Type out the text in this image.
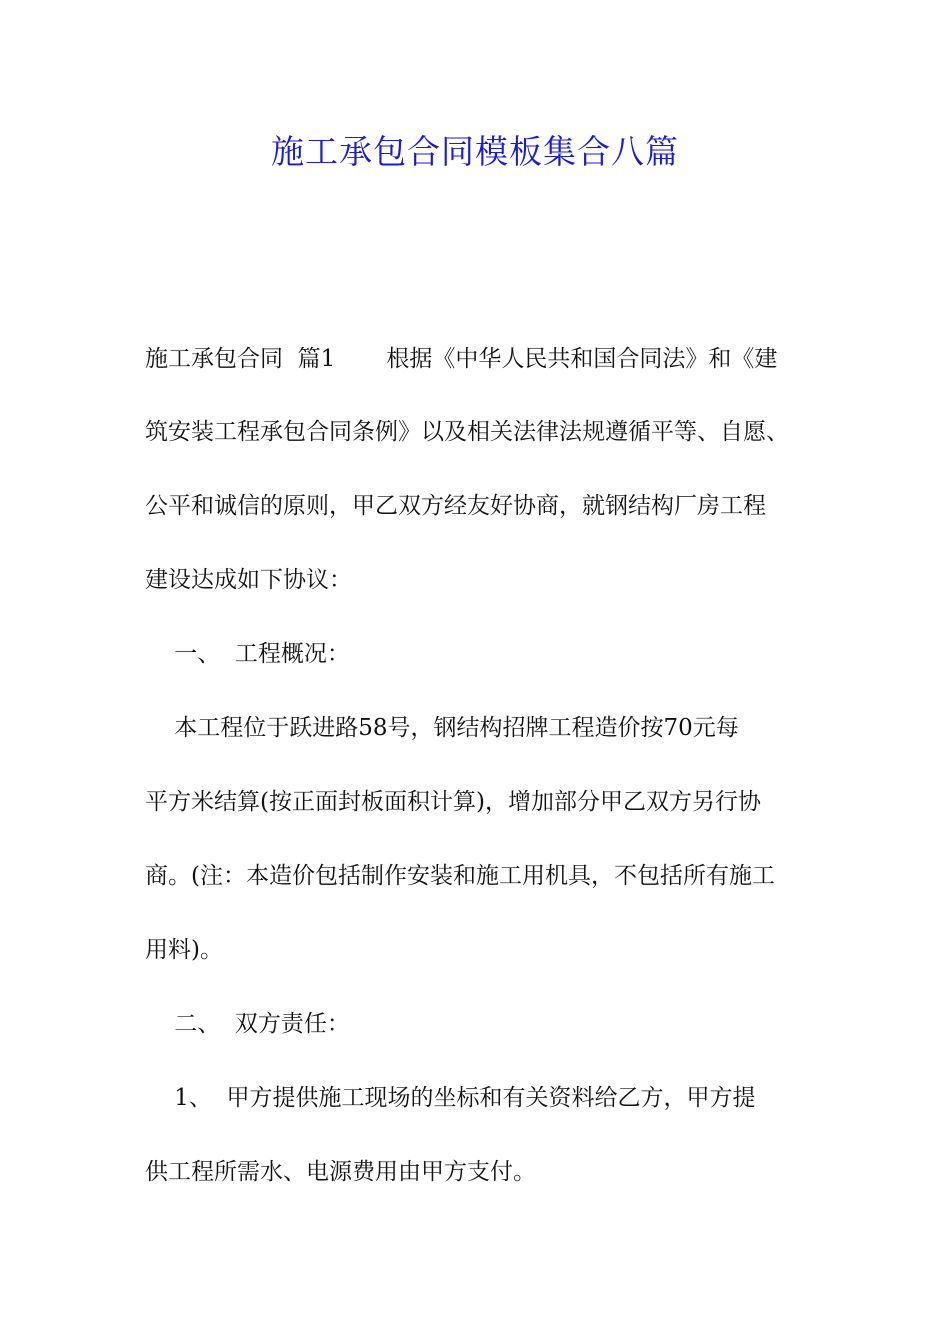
施工承包合同模板集合八篇
施工承包合同  篇1       根据《中华人民共和国合同法》和《建
筑安装工程承包合同条例》以及相关法律法规遵循平等、自愿、
公平和诚信的原则，甲乙双方经友好协商，就钢结构厂房工程
建设达成如下协议：
一、  工程概况：
本工程位于跃进路58号，钢结构招牌工程造价按70元每
平方米结算(按正面封板面积计算)，增加部分甲乙双方另行协
商。(注：本造价包括制作安装和施工用机具，不包括所有施工
用料)。
二、  双方责任：
1、  甲方提供施工现场的坐标和有关资料给乙方，甲方提
供工程所需水、电源费用由甲方支付。
